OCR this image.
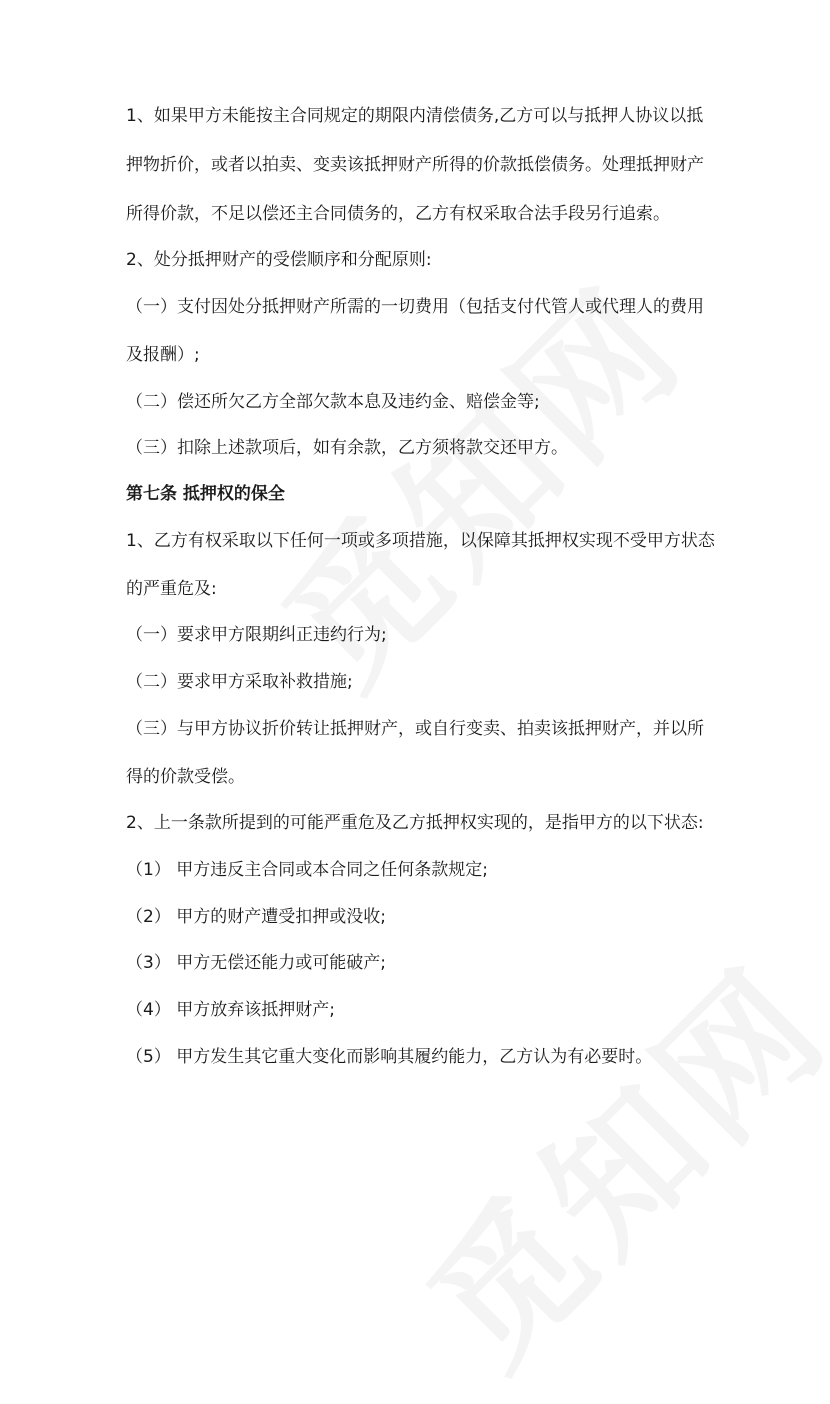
1、如果甲方未能按主合同规定的期限内清偿债务,乙方可以与抵押人协议以抵
押物折价，或者以拍卖、变卖该抵押财产所得的价款抵偿债务。处理抵押财产
所得价款，不足以偿还主合同债务的，乙方有权采取合法手段另行追索。
2、处分抵押财产的受偿顺序和分配原则:
（一）支付因处分抵押财产所需的一切费用（包括支付代管人或代理人的费用
及报酬）;
（二）偿还所欠乙方全部欠款本息及违约金、赔偿金等;
（三）扣除上述款项后，如有余款，乙方须将款交还甲方。
第七条 抵押权的保全
1、乙方有权采取以下任何一项或多项措施，以保障其抵押权实现不受甲方状态
的严重危及:
（一）要求甲方限期纠正违约行为;
（二）要求甲方采取补救措施;
（三）与甲方协议折价转让抵押财产，或自行变卖、拍卖该抵押财产，并以所
得的价款受偿。
2、上一条款所提到的可能严重危及乙方抵押权实现的，是指甲方的以下状态:
（1） 甲方违反主合同或本合同之任何条款规定;
（2） 甲方的财产遭受扣押或没收;
（3） 甲方无偿还能力或可能破产;
（4） 甲方放弃该抵押财产;
（5） 甲方发生其它重大变化而影响其履约能力，乙方认为有必要时。
